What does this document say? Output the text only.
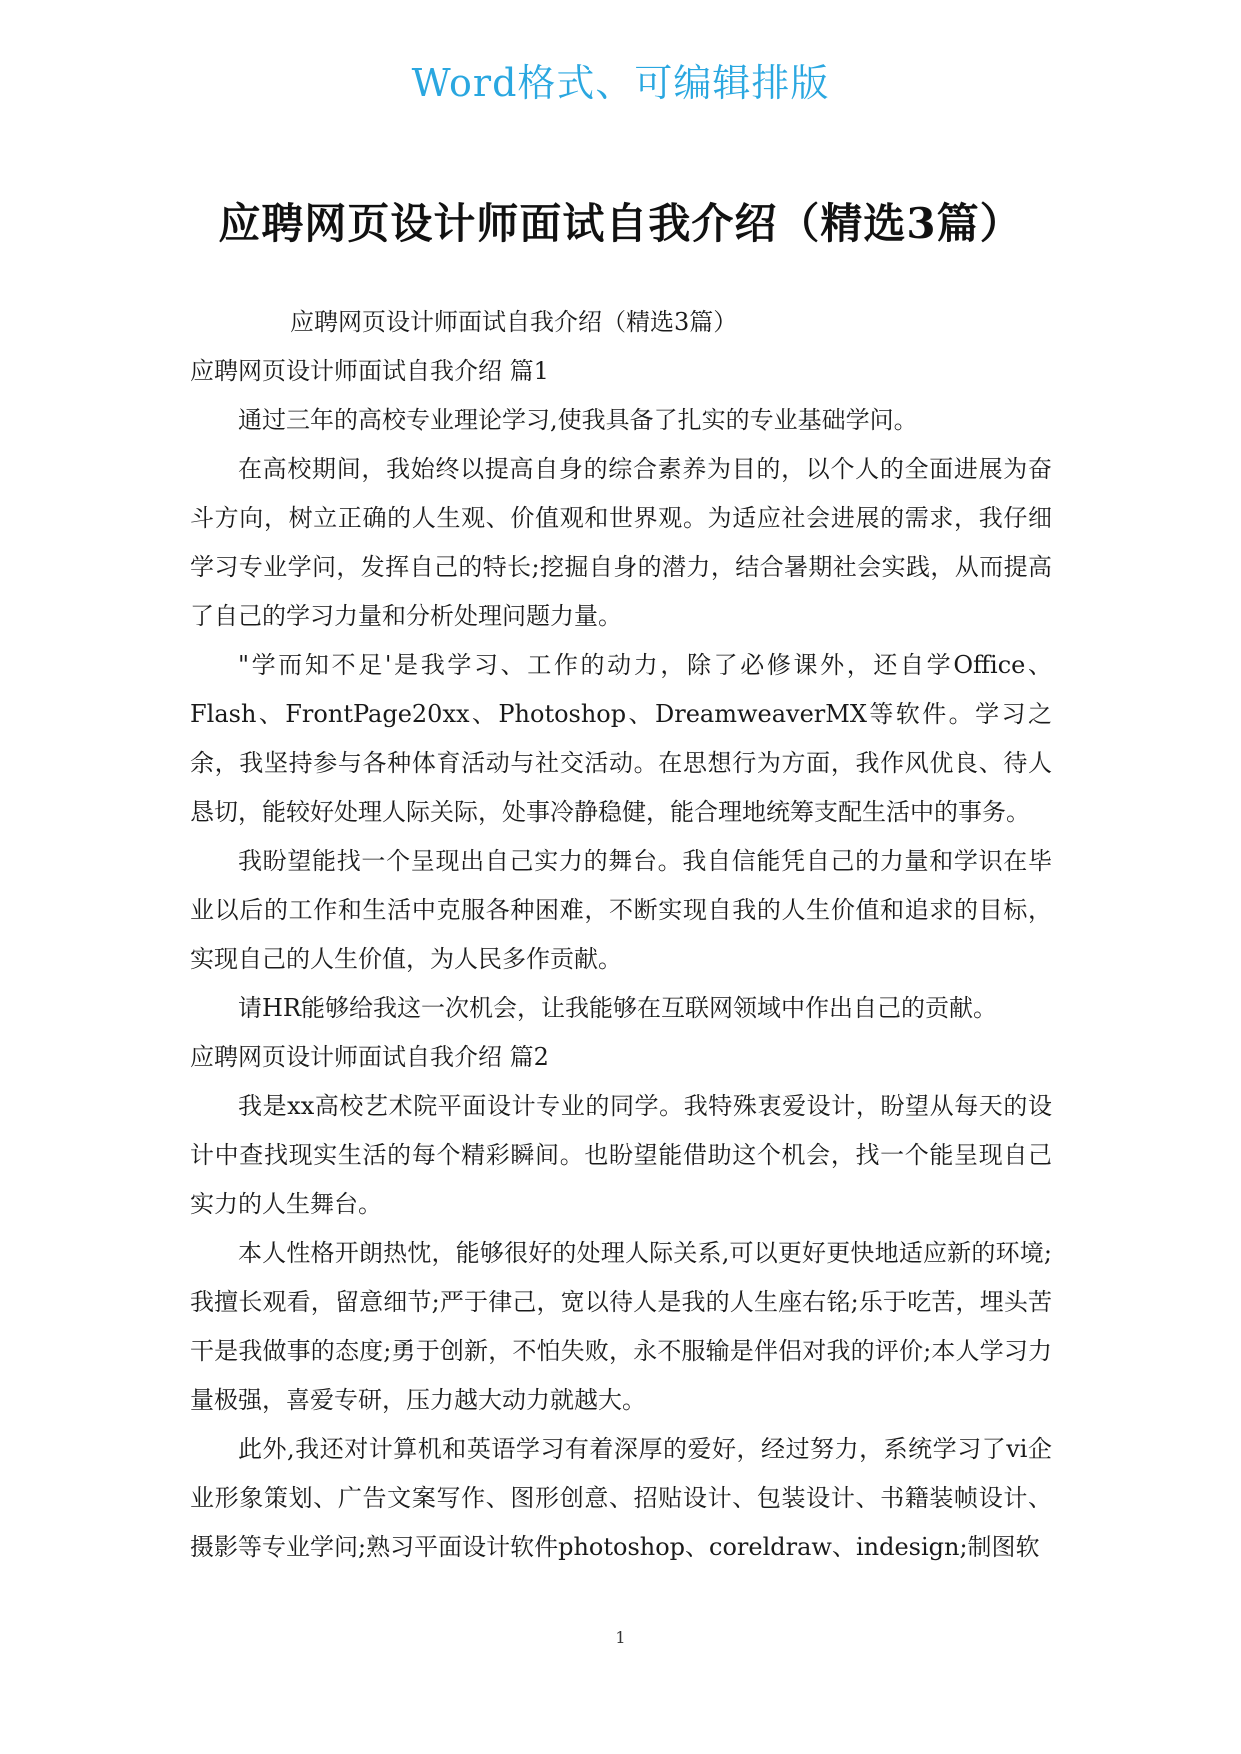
Word格式、可编辑排版
应聘网页设计师面试自我介绍（精选3篇）

应聘网页设计师面试自我介绍（精选3篇）

应聘网页设计师面试自我介绍 篇1

通过三年的高校专业理论学习,使我具备了扎实的专业基础学问。

在高校期间，我始终以提高自身的综合素养为目的，以个人的全面进展为奋斗方向，树立正确的人生观、价值观和世界观。为适应社会进展的需求，我仔细学习专业学问，发挥自己的特长;挖掘自身的潜力，结合暑期社会实践，从而提高了自己的学习力量和分析处理问题力量。

"学而知不足'是我学习、工作的动力，除了必修课外，还自学Office、Flash、FrontPage20xx、Photoshop、DreamweaverMX等软件。学习之余，我坚持参与各种体育活动与社交活动。在思想行为方面，我作风优良、待人恳切，能较好处理人际关际，处事冷静稳健，能合理地统筹支配生活中的事务。

我盼望能找一个呈现出自己实力的舞台。我自信能凭自己的力量和学识在毕业以后的工作和生活中克服各种困难，不断实现自我的人生价值和追求的目标，实现自己的人生价值，为人民多作贡献。

请HR能够给我这一次机会，让我能够在互联网领域中作出自己的贡献。

应聘网页设计师面试自我介绍 篇2

我是xx高校艺术院平面设计专业的同学。我特殊衷爱设计，盼望从每天的设计中查找现实生活的每个精彩瞬间。也盼望能借助这个机会，找一个能呈现自己实力的人生舞台。

本人性格开朗热忱，能够很好的处理人际关系,可以更好更快地适应新的环境;我擅长观看，留意细节;严于律己，宽以待人是我的人生座右铭;乐于吃苦，埋头苦干是我做事的态度;勇于创新，不怕失败，永不服输是伴侣对我的评价;本人学习力量极强，喜爱专研，压力越大动力就越大。

此外,我还对计算机和英语学习有着深厚的爱好，经过努力，系统学习了vi企业形象策划、广告文案写作、图形创意、招贴设计、包装设计、书籍装帧设计、摄影等专业学问;熟习平面设计软件photoshop、coreldraw、indesign;制图软

1
